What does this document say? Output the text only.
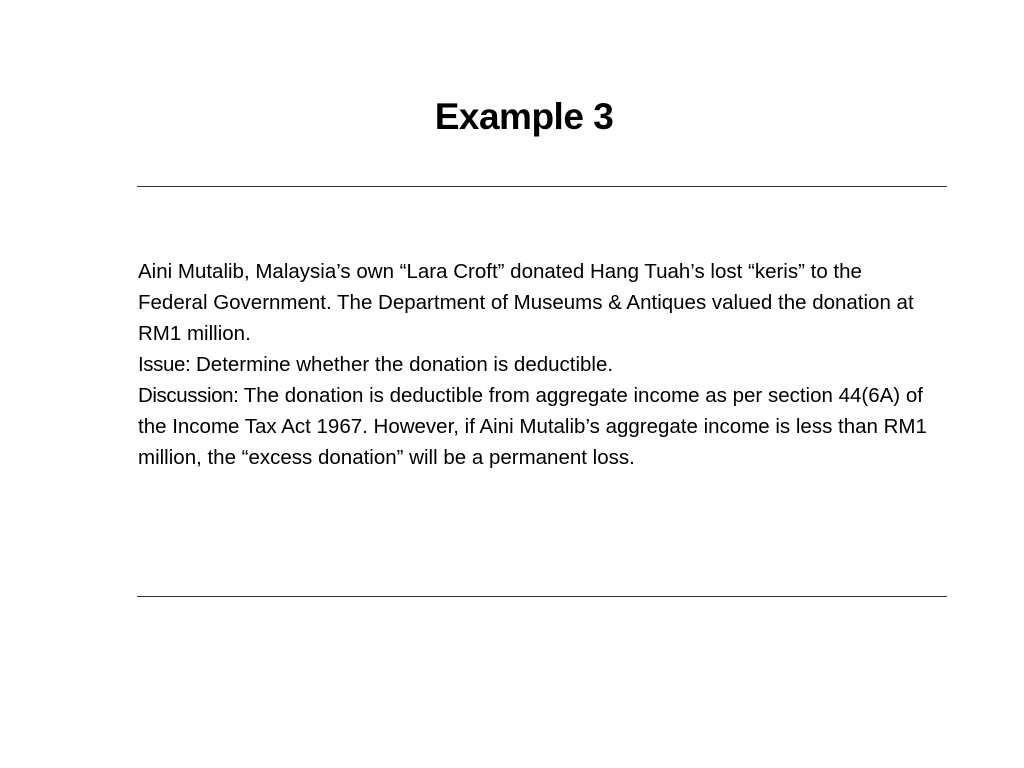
Example 3

Aini Mutalib, Malaysia’s own “Lara Croft” donated Hang Tuah’s lost “keris” to the Federal Government. The Department of Museums & Antiques valued the donation at RM1 million.

Issue: Determine whether the donation is deductible.

Discussion: The donation is deductible from aggregate income as per section 44(6A) of the Income Tax Act 1967. However, if Aini Mutalib’s aggregate income is less than RM1 million, the “excess donation” will be a permanent loss.
